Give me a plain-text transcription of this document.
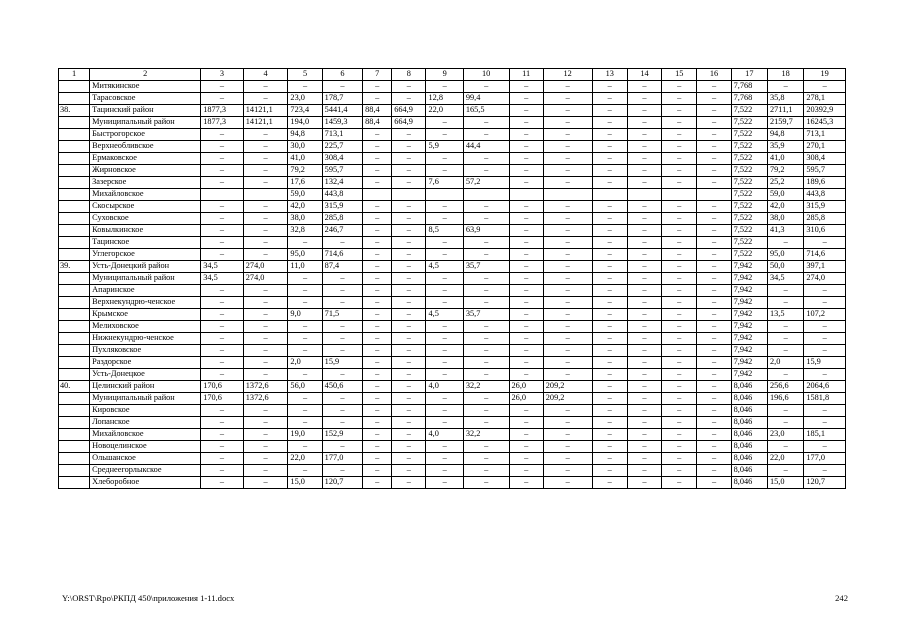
1	2	3	4	5	6	7	8	9	10	11	12	13	14	15	16	17	18	19
	Митякинское	–	–	–	–	–	–	–	–	–	–	–	–	–	–	7,768	–	–
	Тарасовское	–	–	23,0	178,7	–	–	12,8	99,4	–	–	–	–	–	–	7,768	35,8	278,1
38.	Тацинский район	1877,3	14121,1	723,4	5441,4	88,4	664,9	22,0	165,5	–	–	–	–	–	–	7,522	2711,1	20392,9
	Муниципальный район	1877,3	14121,1	194,0	1459,3	88,4	664,9	–	–	–	–	–	–	–	–	7,522	2159,7	16245,3
	Быстрогорское	–	–	94,8	713,1	–	–	–	–	–	–	–	–	–	–	7,522	94,8	713,1
	Верхнеобливское	–	–	30,0	225,7	–	–	5,9	44,4	–	–	–	–	–	–	7,522	35,9	270,1
	Ермаковское	–	–	41,0	308,4	–	–	–	–	–	–	–	–	–	–	7,522	41,0	308,4
	Жирновское	–	–	79,2	595,7	–	–	–	–	–	–	–	–	–	–	7,522	79,2	595,7
	Зазерское	–	–	17,6	132,4	–	–	7,6	57,2	–	–	–	–	–	–	7,522	25,2	189,6
	Михайловское			59,0	443,8											7,522	59,0	443,8
	Скосырское	–	–	42,0	315,9	–	–	–	–	–	–	–	–	–	–	7,522	42,0	315,9
	Суховское	–	–	38,0	285,8	–	–	–	–	–	–	–	–	–	–	7,522	38,0	285,8
	Ковылкинское	–	–	32,8	246,7	–	–	8,5	63,9	–	–	–	–	–	–	7,522	41,3	310,6
	Тацинское	–	–	–	–	–	–	–	–	–	–	–	–	–	–	7,522	–	–
	Углегорское	–	–	95,0	714,6	–	–	–	–	–	–	–	–	–	–	7,522	95,0	714,6
39.	Усть-Донецкий район	34,5	274,0	11,0	87,4	–	–	4,5	35,7	–	–	–	–	–	–	7,942	50,0	397,1
	Муниципальный район	34,5	274,0	–	–	–	–	–	–	–	–	–	–	–	–	7,942	34,5	274,0
	Апаринское	–	–	–	–	–	–	–	–	–	–	–	–	–	–	7,942	–	–
	Верхнекундрю-ченское	–	–	–	–	–	–	–	–	–	–	–	–	–	–	7,942	–	–
	Крымское	–	–	9,0	71,5	–	–	4,5	35,7	–	–	–	–	–	–	7,942	13,5	107,2
	Мелиховское	–	–	–	–	–	–	–	–	–	–	–	–	–	–	7,942	–	–
	Нижнекундрю-ченское	–	–	–	–	–	–	–	–	–	–	–	–	–	–	7,942	–	–
	Пухляковское	–	–	–	–	–	–	–	–	–	–	–	–	–	–	7,942	–	–
	Раздорское	–	–	2,0	15,9	–	–	–	–	–	–	–	–	–	–	7,942	2,0	15,9
	Усть-Донецкое	–	–	–	–	–	–	–	–	–	–	–	–	–	–	7,942	–	–
40.	Целинский район	170,6	1372,6	56,0	450,6	–	–	4,0	32,2	26,0	209,2	–	–	–	–	8,046	256,6	2064,6
	Муниципальный район	170,6	1372,6	–	–	–	–	–	–	26,0	209,2	–	–	–	–	8,046	196,6	1581,8
	Кировское	–	–	–	–	–	–	–	–	–	–	–	–	–	–	8,046	–	–
	Лопанское	–	–	–	–	–	–	–	–	–	–	–	–	–	–	8,046	–	–
	Михайловское	–	–	19,0	152,9	–	–	4,0	32,2	–	–	–	–	–	–	8,046	23,0	185,1
	Новоцелинское	–	–	–	–	–	–	–	–	–	–	–	–	–	–	8,046	–	–
	Ольшанское	–	–	22,0	177,0	–	–	–	–	–	–	–	–	–	–	8,046	22,0	177,0
	Среднеегорлыкское	–	–	–	–	–	–	–	–	–	–	–	–	–	–	8,046	–	–
	Хлеборобное	–	–	15,0	120,7	–	–	–	–	–	–	–	–	–	–	8,046	15,0	120,7
Y:\ORST\Rpo\РКПД 450\приложения 1-11.docx	242
